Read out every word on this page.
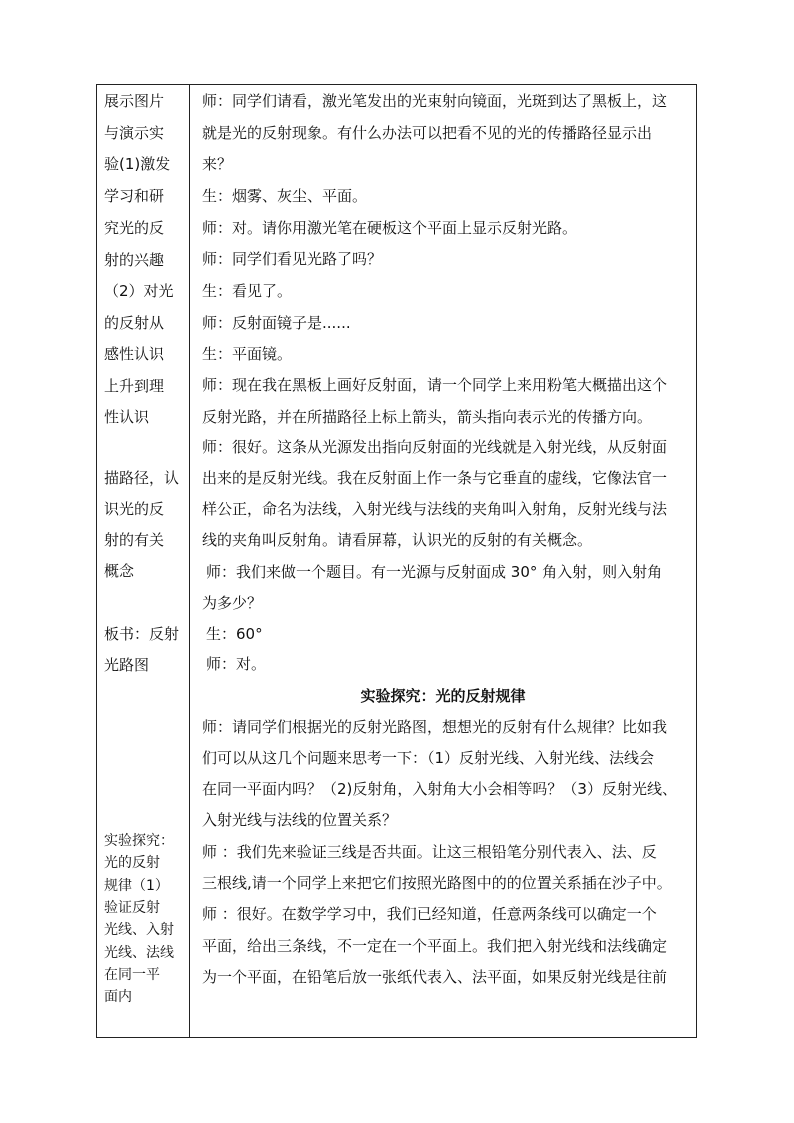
展示图片
与演示实
验(1)激发
学习和研
究光的反
射的兴趣
（2）对光
的反射从
感性认识
上升到理
性认识
描路径，认
识光的反
射的有关
概念
板书：反射
光路图
实验探究：
光的反射
规律（1）
验证反射
光线、入射
光线、法线
在同一平
面内
师：同学们请看，激光笔发出的光束射向镜面，光斑到达了黑板上，这
就是光的反射现象。有什么办法可以把看不见的光的传播路径显示出
来？
生：烟雾、灰尘、平面。
师：对。请你用激光笔在硬板这个平面上显示反射光路。
师：同学们看见光路了吗？
生：看见了。
师：反射面镜子是......
生：平面镜。
师：现在我在黑板上画好反射面，请一个同学上来用粉笔大概描出这个
反射光路，并在所描路径上标上箭头，箭头指向表示光的传播方向。
师：很好。这条从光源发出指向反射面的光线就是入射光线，从反射面
出来的是反射光线。我在反射面上作一条与它垂直的虚线，它像法官一
样公正，命名为法线，入射光线与法线的夹角叫入射角，反射光线与法
线的夹角叫反射角。请看屏幕，认识光的反射的有关概念。
师：我们来做一个题目。有一光源与反射面成 30° 角入射，则入射角
为多少？
生：60°
师：对。
实验探究：光的反射规律
师：请同学们根据光的反射光路图，想想光的反射有什么规律？比如我
们可以从这几个问题来思考一下：（1）反射光线、入射光线、法线会
在同一平面内吗？（2)反射角，入射角大小会相等吗？（3）反射光线、
入射光线与法线的位置关系？
师 ：我们先来验证三线是否共面。让这三根铅笔分别代表入、法、反
三根线,请一个同学上来把它们按照光路图中的的位置关系插在沙子中。
师 ：很好。在数学学习中，我们已经知道，任意两条线可以确定一个
平面，给出三条线，不一定在一个平面上。我们把入射光线和法线确定
为一个平面，在铅笔后放一张纸代表入、法平面，如果反射光线是往前
